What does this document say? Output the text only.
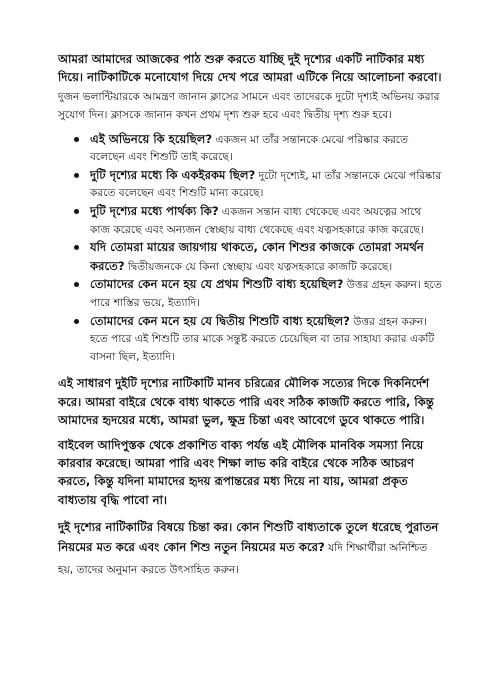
আমরা আমাদের আজকের পাঠ শুরু করতে যাচ্ছি দুই দৃশ্যের একটি নাটিকার মধ্য দিয়ে। নাটিকাটিকে মনোযোগ দিয়ে দেখ পরে আমরা এটিকে নিয়ে আলোচনা করবো।

দুজন ভলান্টিয়ারকে আমন্ত্রণ জানান ক্লাসের সামনে এবং তাদেরকে দুটো দৃশ্যই অভিনয় করার সুযোগ দিন। ক্লাসকে জানান কখন প্রথম দৃশ্য শুরু হবে এবং দ্বিতীয় দৃশ্য শুরু হবে।

এই অভিনয়ে কি হয়েছিল? একজন মা তাঁর সন্তানকে মেঝে পরিষ্কার করতে বলেছেন এবং শিশুটি তাই করেছে।
দুটি দৃশ্যের মধ্যে কি একইরকম ছিল? দুটো দৃশ্যেই, মা তাঁর সন্তানকে মেঝে পরিষ্কার করতে বলেছেন এবং শিশুটি মান্য করেছে।
দুটি দৃশ্যের মধ্যে পার্থক্য কি? একজন সন্তান বাধ্য থেকেছে এবং অযত্নের সাথে কাজ করেছে এবং অন্যজন স্বেচ্ছায় বাধ্য থেকেছে এবং যত্নসহকারে কাজ করেছে।
যদি তোমরা মায়ের জায়গায় থাকতে, কোন শিশুর কাজকে তোমরা সমর্থন করতে? দ্বিতীয়জনকে যে কিনা স্বেচ্ছায় এবং যত্নসহকারে কাজটি করেছে।
তোমাদের কেন মনে হয় যে প্রথম শিশুটি বাধ্য হয়েছিল? উত্তর গ্রহন করুন। হতে পারে শাস্তির ভয়ে, ইত্যাদি।
তোমাদের কেন মনে হয় যে দ্বিতীয় শিশুটি বাধ্য হয়েছিল? উত্তর গ্রহন করুন। হতে পারে এই শিশুটি তার মাকে সন্তুষ্ট করতে চেয়েছিল বা তার সাহায্য করার একটি বাসনা ছিল, ইত্যাদি।

এই সাধারণ দুইটি দৃশ্যের নাটিকাটি মানব চরিত্রের মৌলিক সত্যের দিকে দিকনির্দেশ করে। আমরা বাইরে থেকে বাধ্য থাকতে পারি এবং সঠিক কাজটি করতে পারি, কিন্তু আমাদের হৃদয়ের মধ্যে, আমরা ভুল, ক্ষুদ্র চিন্তা এবং আবেগে ডুবে থাকতে পারি।

বাইবেল আদিপুস্তক থেকে প্রকাশিত বাক্য পর্যন্ত এই মৌলিক মানবিক সমস্যা নিয়ে কারবার করেছে। আমরা পারি এবং শিক্ষা লাভ করি বাইরে থেকে সঠিক আচরণ করতে, কিন্তু যদিনা মামাদের হৃদয় রূপান্তরের মধ্য দিয়ে না যায়, আমরা প্রকৃত বাধ্যতায় বৃদ্ধি পাবো না।

দুই দৃশ্যের নাটিকাটির বিষয়ে চিন্তা কর। কোন শিশুটি বাধ্যতাকে তুলে ধরেছে পুরাতন নিয়মের মত করে এবং কোন শিশু নতুন নিয়মের মত করে? যদি শিক্ষার্থীরা অনিশ্চিত হয়, তাদের অনুমান করতে উৎসাহিত করুন।
